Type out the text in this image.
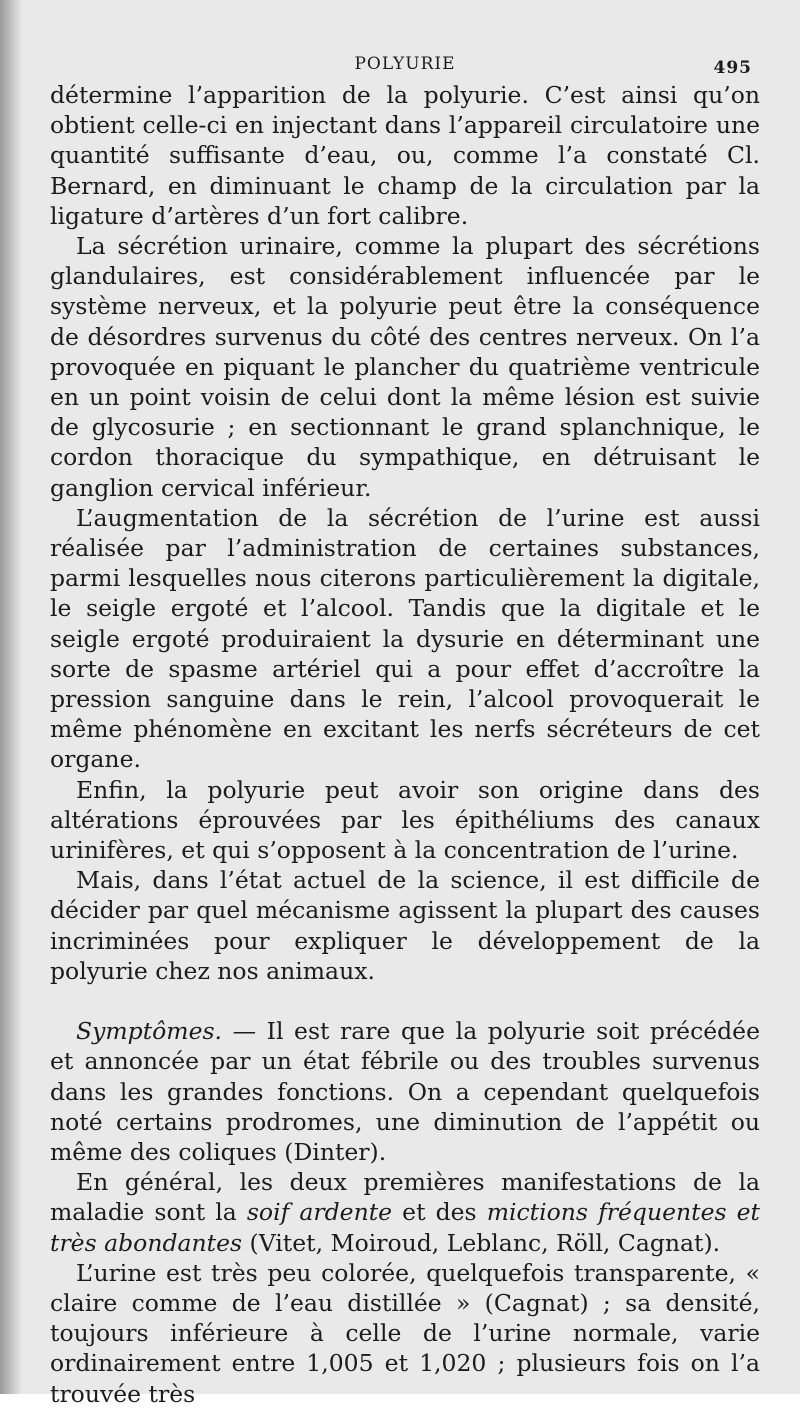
POLYURIE	495

détermine l’apparition de la polyurie. C’est ainsi qu’on obtient celle-ci en injectant dans l’appareil circulatoire une quantité suffisante d’eau, ou, comme l’a constaté Cl. Bernard, en diminuant le champ de la circulation par la ligature d’artères d’un fort calibre.

La sécrétion urinaire, comme la plupart des sécrétions glandulaires, est considérablement influencée par le système nerveux, et la polyurie peut être la conséquence de désordres survenus du côté des centres nerveux. On l’a provoquée en piquant le plancher du quatrième ventricule en un point voisin de celui dont la même lésion est suivie de glycosurie ; en sectionnant le grand splanchnique, le cordon thoracique du sympathique, en détruisant le ganglion cervical inférieur.

L’augmentation de la sécrétion de l’urine est aussi réalisée par l’administration de certaines substances, parmi lesquelles nous citerons particulièrement la digitale, le seigle ergoté et l’alcool. Tandis que la digitale et le seigle ergoté produiraient la dysurie en déterminant une sorte de spasme artériel qui a pour effet d’accroître la pression sanguine dans le rein, l’alcool provoquerait le même phénomène en excitant les nerfs sécréteurs de cet organe.

Enfin, la polyurie peut avoir son origine dans des altérations éprouvées par les épithéliums des canaux urinifères, et qui s’opposent à la concentration de l’urine.

Mais, dans l’état actuel de la science, il est difficile de décider par quel mécanisme agissent la plupart des causes incriminées pour expliquer le développement de la polyurie chez nos animaux.

Symptômes. — Il est rare que la polyurie soit précédée et annoncée par un état fébrile ou des troubles survenus dans les grandes fonctions. On a cependant quelquefois noté certains prodromes, une diminution de l’appétit ou même des coliques (Dinter).

En général, les deux premières manifestations de la maladie sont la soif ardente et des mictions fréquentes et très abondantes (Vitet, Moiroud, Leblanc, Röll, Cagnat).

L’urine est très peu colorée, quelquefois transparente, « claire comme de l’eau distillée » (Cagnat) ; sa densité, toujours inférieure à celle de l’urine normale, varie ordinairement entre 1,005 et 1,020 ; plusieurs fois on l’a trouvée très
